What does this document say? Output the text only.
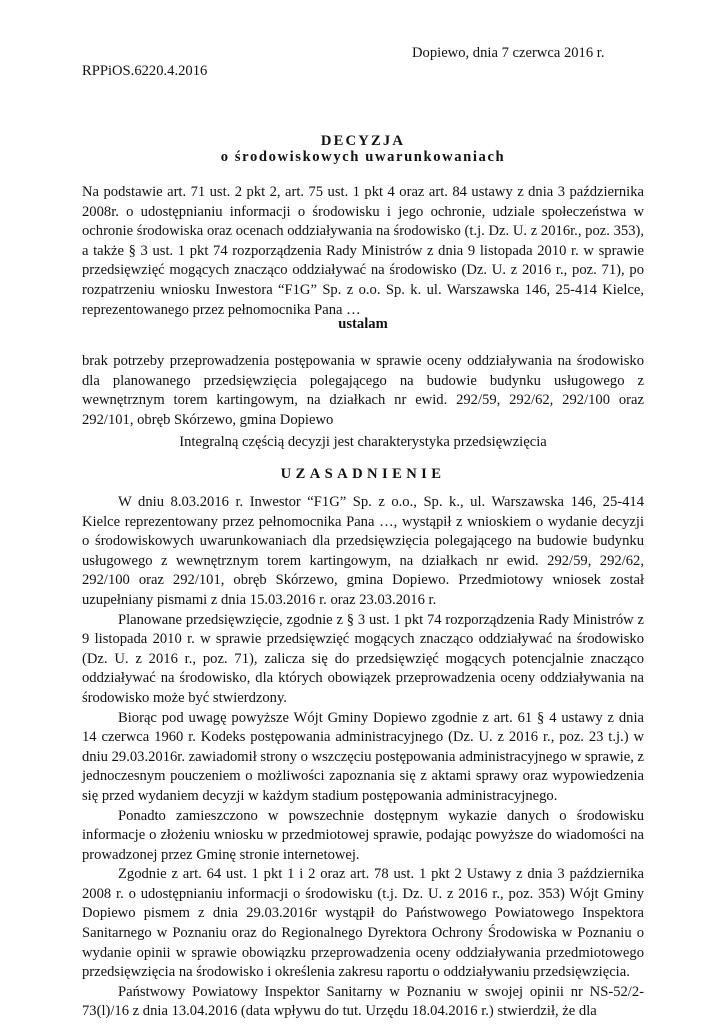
Dopiewo, dnia 7 czerwca 2016 r.
RPPiOS.6220.4.2016
DECYZJA
o środowiskowych uwarunkowaniach
Na podstawie art. 71 ust. 2 pkt 2, art. 75 ust. 1 pkt 4 oraz art. 84 ustawy z dnia 3 października 2008r. o udostępnianiu informacji o środowisku i jego ochronie, udziale społeczeństwa w ochronie środowiska oraz ocenach oddziaływania na środowisko (t.j. Dz. U. z 2016r., poz. 353), a także § 3 ust. 1 pkt 74 rozporządzenia Rady Ministrów z dnia 9 listopada 2010 r. w sprawie przedsięwzięć mogących znacząco oddziaływać na środowisko (Dz. U. z 2016 r., poz. 71), po rozpatrzeniu wniosku Inwestora “F1G” Sp. z o.o. Sp. k. ul. Warszawska 146, 25-414 Kielce, reprezentowanego przez pełnomocnika Pana …
ustalam
brak potrzeby przeprowadzenia postępowania w sprawie oceny oddziaływania na środowisko dla planowanego przedsięwzięcia polegającego na budowie budynku usługowego z wewnętrznym torem kartingowym, na działkach nr ewid. 292/59, 292/62, 292/100 oraz 292/101, obręb Skórzewo, gmina Dopiewo
Integralną częścią decyzji jest charakterystyka przedsięwzięcia
UZASADNIENIE

W dniu 8.03.2016 r. Inwestor “F1G” Sp. z o.o., Sp. k., ul. Warszawska 146, 25-414 Kielce reprezentowany przez pełnomocnika Pana …, wystąpił z wnioskiem o wydanie decyzji o środowiskowych uwarunkowaniach dla przedsięwzięcia polegającego na budowie budynku usługowego z wewnętrznym torem kartingowym, na działkach nr ewid. 292/59, 292/62, 292/100 oraz 292/101, obręb Skórzewo, gmina Dopiewo. Przedmiotowy wniosek został uzupełniany pismami z dnia 15.03.2016 r. oraz 23.03.2016 r.

Planowane przedsięwzięcie, zgodnie z § 3 ust. 1 pkt 74 rozporządzenia Rady Ministrów z 9 listopada 2010 r. w sprawie przedsięwzięć mogących znacząco oddziaływać na środowisko (Dz. U. z 2016 r., poz. 71), zalicza się do przedsięwzięć mogących potencjalnie znacząco oddziaływać na środowisko, dla których obowiązek przeprowadzenia oceny oddziaływania na środowisko może być stwierdzony.

Biorąc pod uwagę powyższe Wójt Gminy Dopiewo zgodnie z art. 61 § 4 ustawy z dnia 14 czerwca 1960 r. Kodeks postępowania administracyjnego (Dz. U. z 2016 r., poz. 23 t.j.) w dniu 29.03.2016r. zawiadomił strony o wszczęciu postępowania administracyjnego w sprawie, z jednoczesnym pouczeniem o możliwości zapoznania się z aktami sprawy oraz wypowiedzenia się przed wydaniem decyzji w każdym stadium postępowania administracyjnego.

Ponadto zamieszczono w powszechnie dostępnym wykazie danych o środowisku informacje o złożeniu wniosku w przedmiotowej sprawie, podając powyższe do wiadomości na prowadzonej przez Gminę stronie internetowej.

Zgodnie z art. 64 ust. 1 pkt 1 i 2 oraz art. 78 ust. 1 pkt 2 Ustawy z dnia 3 października 2008 r. o udostępnianiu informacji o środowisku (t.j. Dz. U. z 2016 r., poz. 353) Wójt Gminy Dopiewo pismem z dnia 29.03.2016r wystąpił do Państwowego Powiatowego Inspektora Sanitarnego w Poznaniu oraz do Regionalnego Dyrektora Ochrony Środowiska w Poznaniu o wydanie opinii w sprawie obowiązku przeprowadzenia oceny oddziaływania przedmiotowego przedsięwzięcia na środowisko i określenia zakresu raportu o oddziaływaniu przedsięwzięcia.

Państwowy Powiatowy Inspektor Sanitarny w Poznaniu w swojej opinii nr NS-52/2-73(l)/16 z dnia 13.04.2016 (data wpływu do tut. Urzędu 18.04.2016 r.) stwierdził, że dla
